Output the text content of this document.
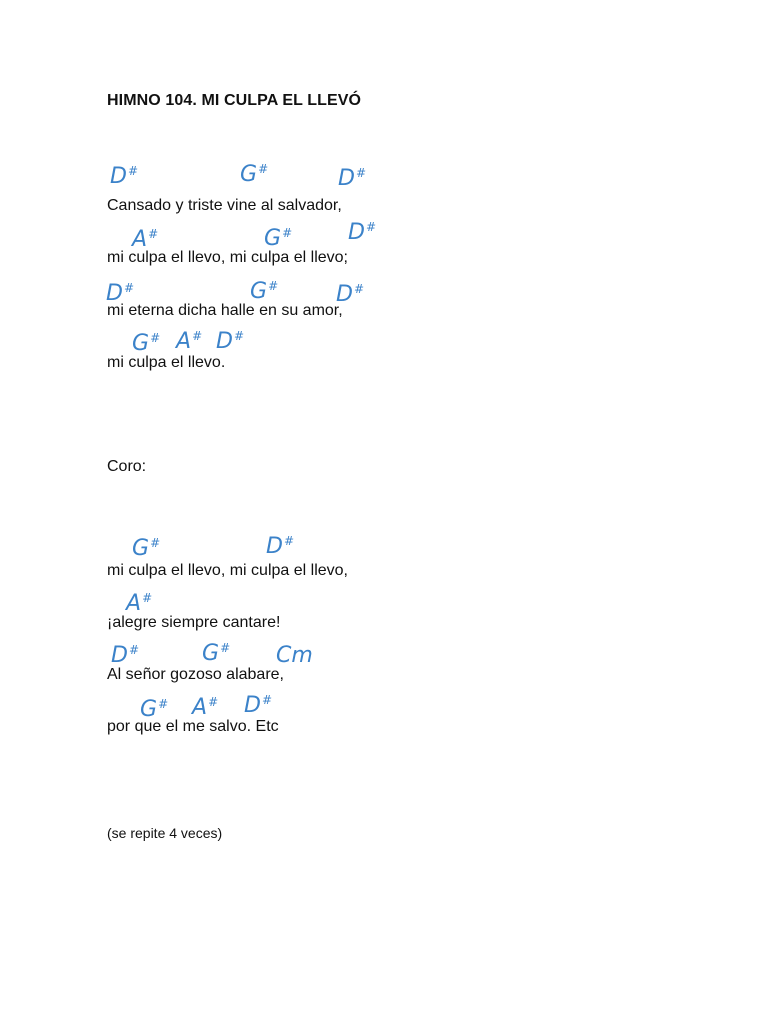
HIMNO 104. MI CULPA EL LLEVÓ
D#	G#	D#
Cansado y triste vine al salvador,
A#	G#	D#
mi culpa el llevo, mi culpa el llevo;
D#	G#	D#
mi eterna dicha halle en su amor,
G# A# D#
mi culpa el llevo.
Coro:
G#	D#
mi culpa el llevo, mi culpa el llevo,
A#
¡alegre siempre cantare!
D#	G# Cm
Al señor gozoso alabare,
G# A# D#
por que el me salvo. Etc
(se repite 4 veces)
